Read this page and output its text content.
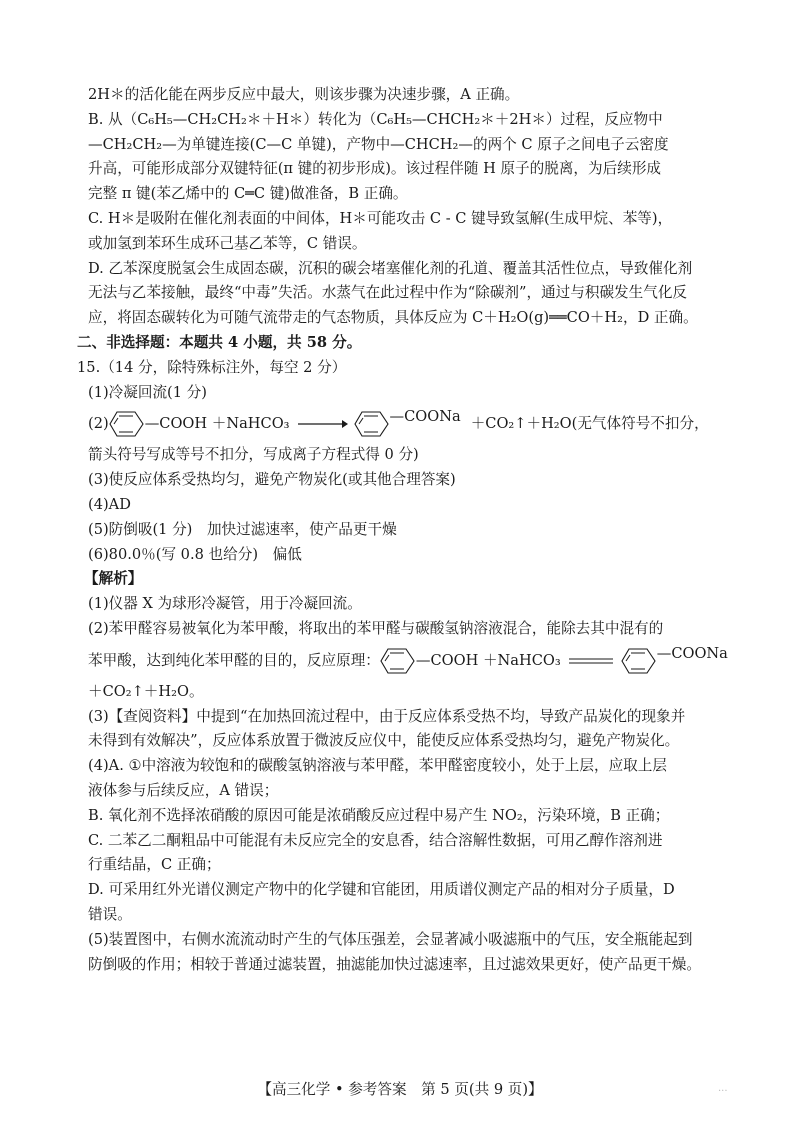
2H＊的活化能在两步反应中最大，则该步骤为决速步骤，A 正确。
B. 从（C₆H₅—CH₂CH₂＊＋H＊）转化为（C₆H₅—CHCH₂＊＋2H＊）过程，反应物中
—CH₂CH₂—为单键连接(C—C 单键)，产物中—CHCH₂—的两个 C 原子之间电子云密度
升高，可能形成部分双键特征(π 键的初步形成)。该过程伴随 H 原子的脱离，为后续形成
完整 π 键(苯乙烯中的 C═C 键)做准备，B 正确。
C. H＊是吸附在催化剂表面的中间体，H＊可能攻击 C - C 键导致氢解(生成甲烷、苯等)，
或加氢到苯环生成环己基乙苯等，C 错误。
D. 乙苯深度脱氢会生成固态碳，沉积的碳会堵塞催化剂的孔道、覆盖其活性位点，导致催化剂
无法与乙苯接触，最终“中毒”失活。水蒸气在此过程中作为“除碳剂”，通过与积碳发生气化反
应，将固态碳转化为可随气流带走的气态物质，具体反应为 C＋H₂O(g)══CO＋H₂，D 正确。
二、非选择题：本题共 4 小题，共 58 分。
15.（14 分，除特殊标注外，每空 2 分）
(1)冷凝回流(1 分)
(2) —COOH ＋NaHCO₃ →	—COONa ＋CO₂↑＋H₂O(无气体符号不扣分，
箭头符号写成等号不扣分，写成离子方程式得 0 分)
(3)使反应体系受热均匀，避免产物炭化(或其他合理答案)
(4)AD
(5)防倒吸(1 分)　加快过滤速率，使产品更干燥
(6)80.0％(写 0.8 也给分)　偏低
【解析】
(1)仪器 X 为球形冷凝管，用于冷凝回流。
(2)苯甲醛容易被氧化为苯甲酸，将取出的苯甲醛与碳酸氢钠溶液混合，能除去其中混有的
苯甲酸，达到纯化苯甲醛的目的，反应原理： —COOH ＋NaHCO₃	—COONa
＋CO₂↑＋H₂O。
(3)【查阅资料】中提到“在加热回流过程中，由于反应体系受热不均，导致产品炭化的现象并
未得到有效解决”，反应体系放置于微波反应仪中，能使反应体系受热均匀，避免产物炭化。
(4)A. ①中溶液为较饱和的碳酸氢钠溶液与苯甲醛，苯甲醛密度较小，处于上层，应取上层
液体参与后续反应，A 错误；
B. 氧化剂不选择浓硝酸的原因可能是浓硝酸反应过程中易产生 NO₂，污染环境，B 正确；
C. 二苯乙二酮粗品中可能混有未反应完全的安息香，结合溶解性数据，可用乙醇作溶剂进
行重结晶，C 正确；
D. 可采用红外光谱仪测定产物中的化学键和官能团，用质谱仪测定产品的相对分子质量，D
错误。
(5)装置图中，右侧水流流动时产生的气体压强差，会显著减小吸滤瓶中的气压，安全瓶能起到
防倒吸的作用；相较于普通过滤装置，抽滤能加快过滤速率，且过滤效果更好，使产品更干燥。
【高三化学 • 参考答案　第 5 页(共 9 页)】	...
